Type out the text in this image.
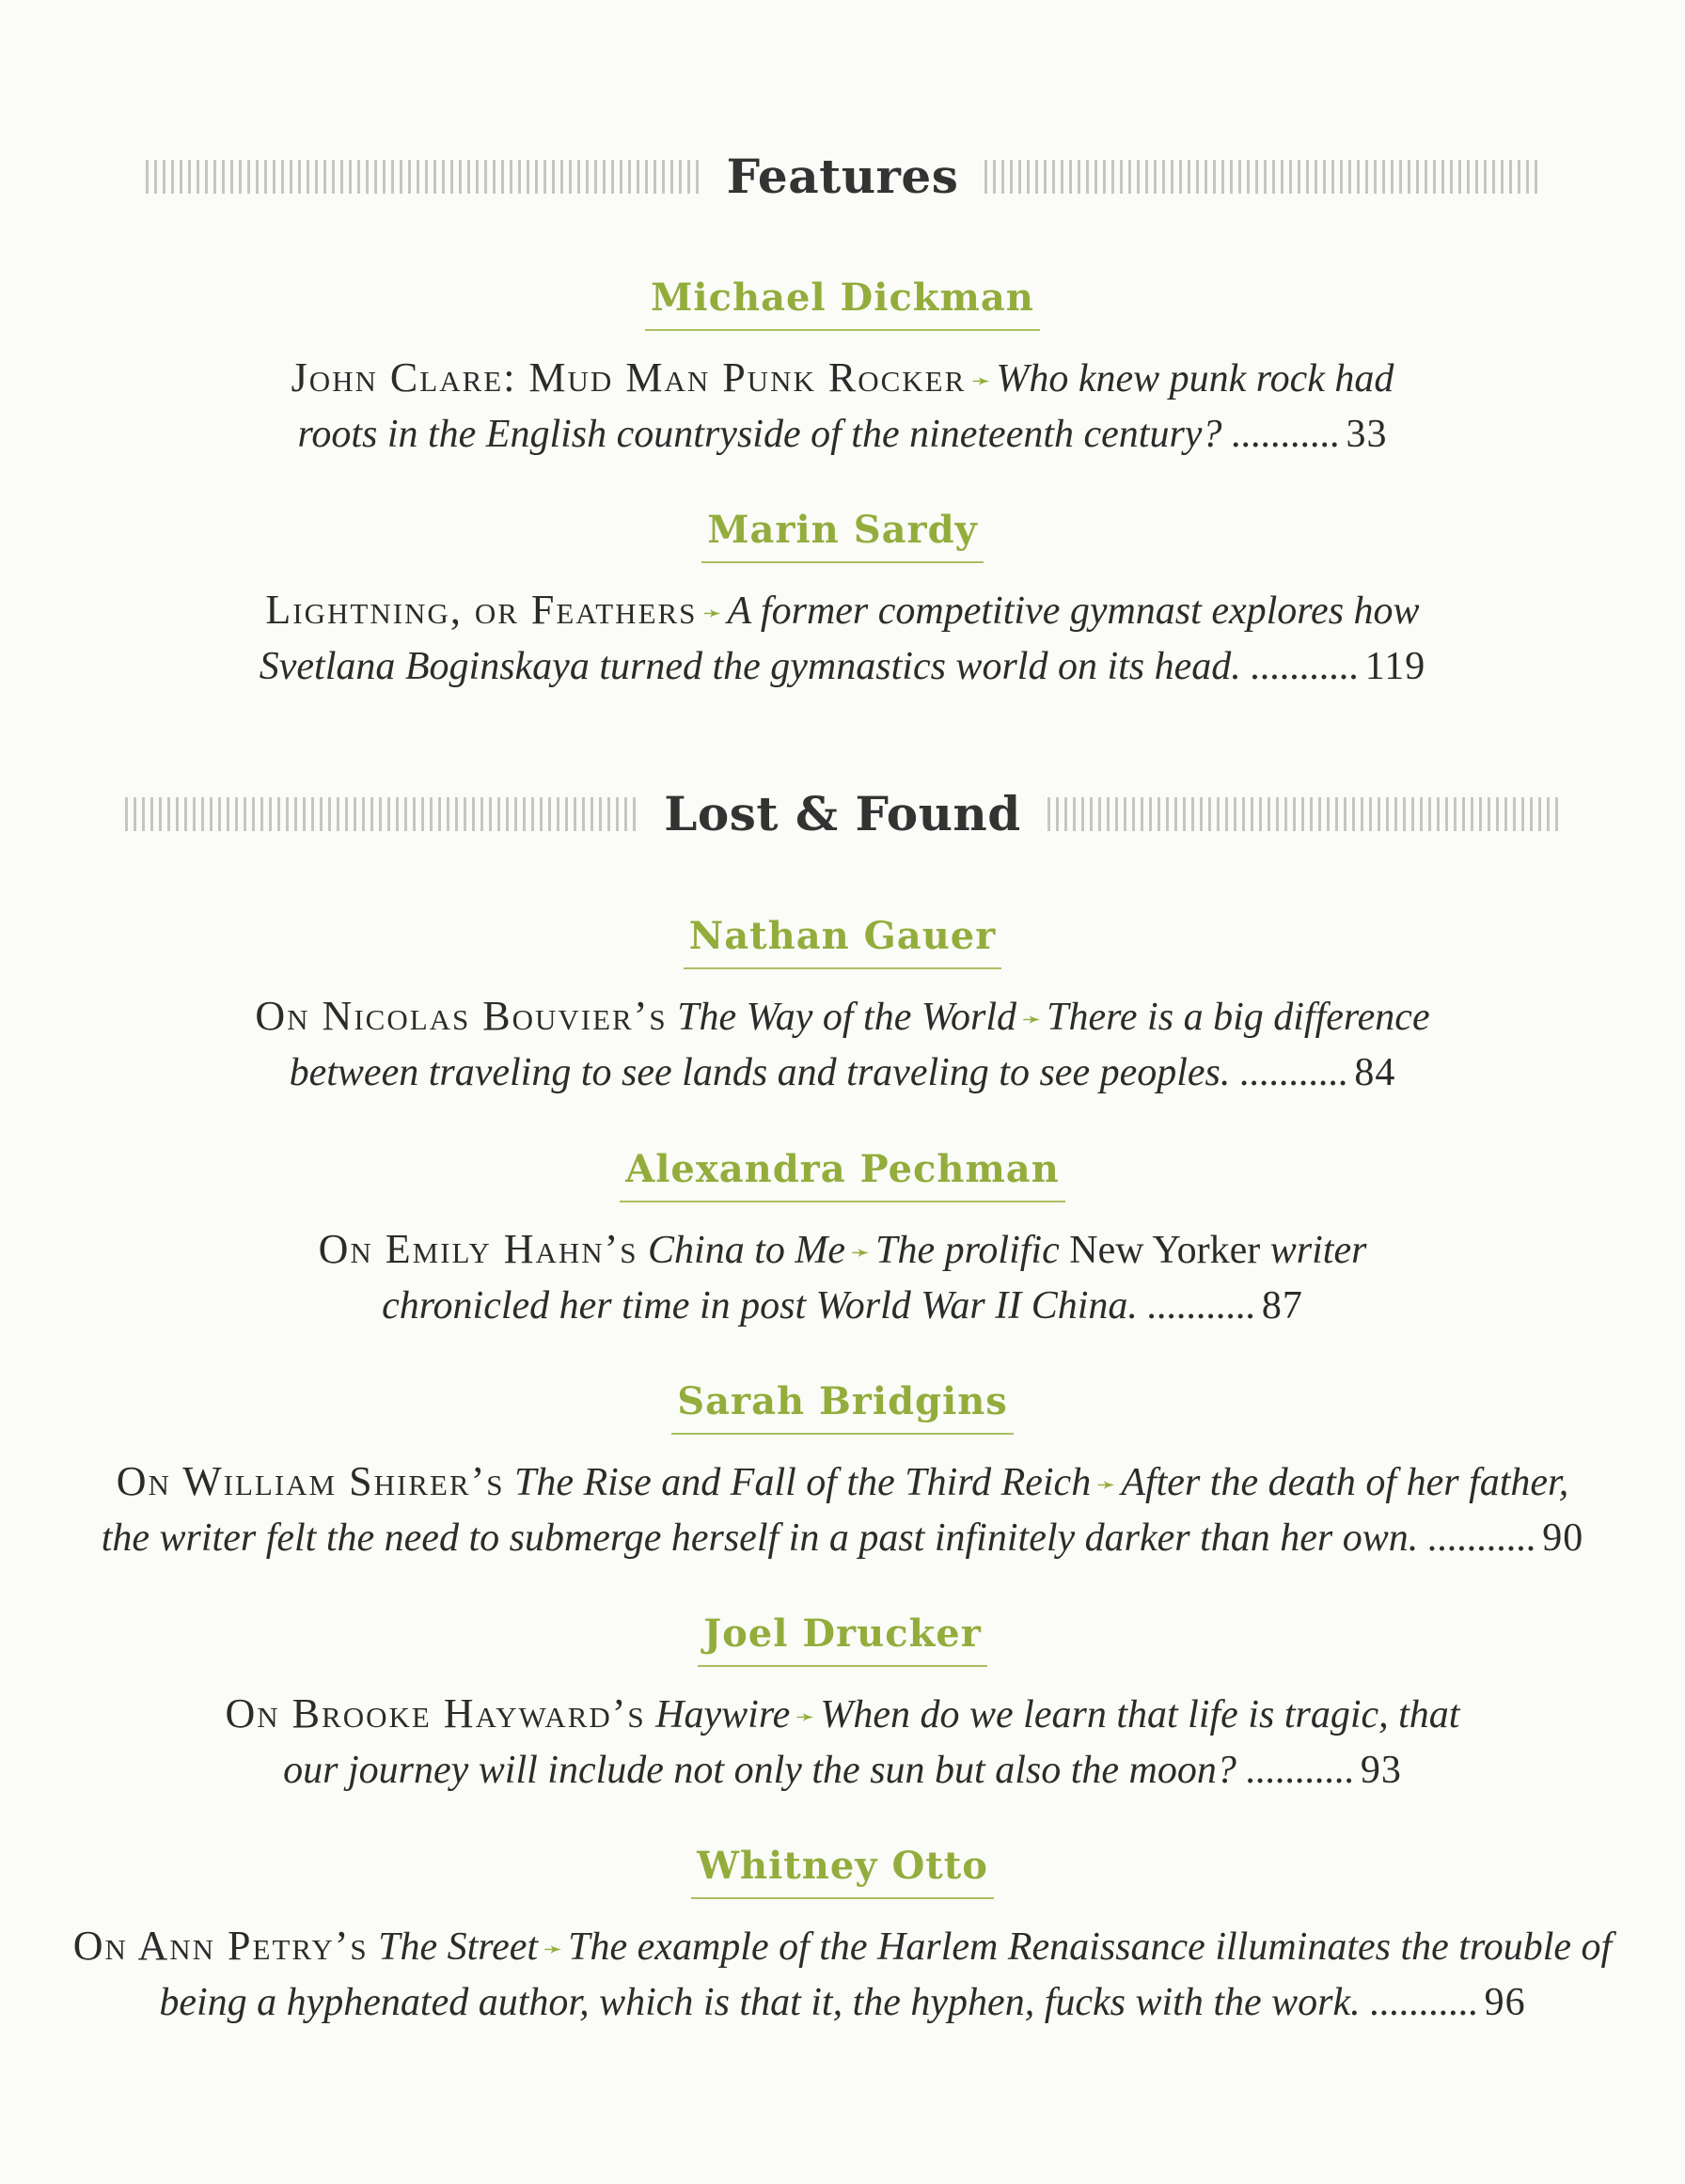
Features
Michael Dickman
John Clare: Mud Man Punk Rocker ➛ Who knew punk rock had
roots in the English countryside of the nineteenth century? ........... 33
Marin Sardy
Lightning, or Feathers ➛ A former competitive gymnast explores how
Svetlana Boginskaya turned the gymnastics world on its head. ........... 119
Lost & Found
Nathan Gauer
On Nicolas Bouvier’s The Way of the World ➛ There is a big difference
between traveling to see lands and traveling to see peoples. ........... 84
Alexandra Pechman
On Emily Hahn’s China to Me ➛ The prolific New Yorker writer
chronicled her time in post World War II China. ........... 87
Sarah Bridgins
On William Shirer’s The Rise and Fall of the Third Reich ➛ After the death of her father,
the writer felt the need to submerge herself in a past infinitely darker than her own. ........... 90
Joel Drucker
On Brooke Hayward’s Haywire ➛ When do we learn that life is tragic, that
our journey will include not only the sun but also the moon? ........... 93
Whitney Otto
On Ann Petry’s The Street ➛ The example of the Harlem Renaissance illuminates the trouble of
being a hyphenated author, which is that it, the hyphen, fucks with the work. ........... 96
